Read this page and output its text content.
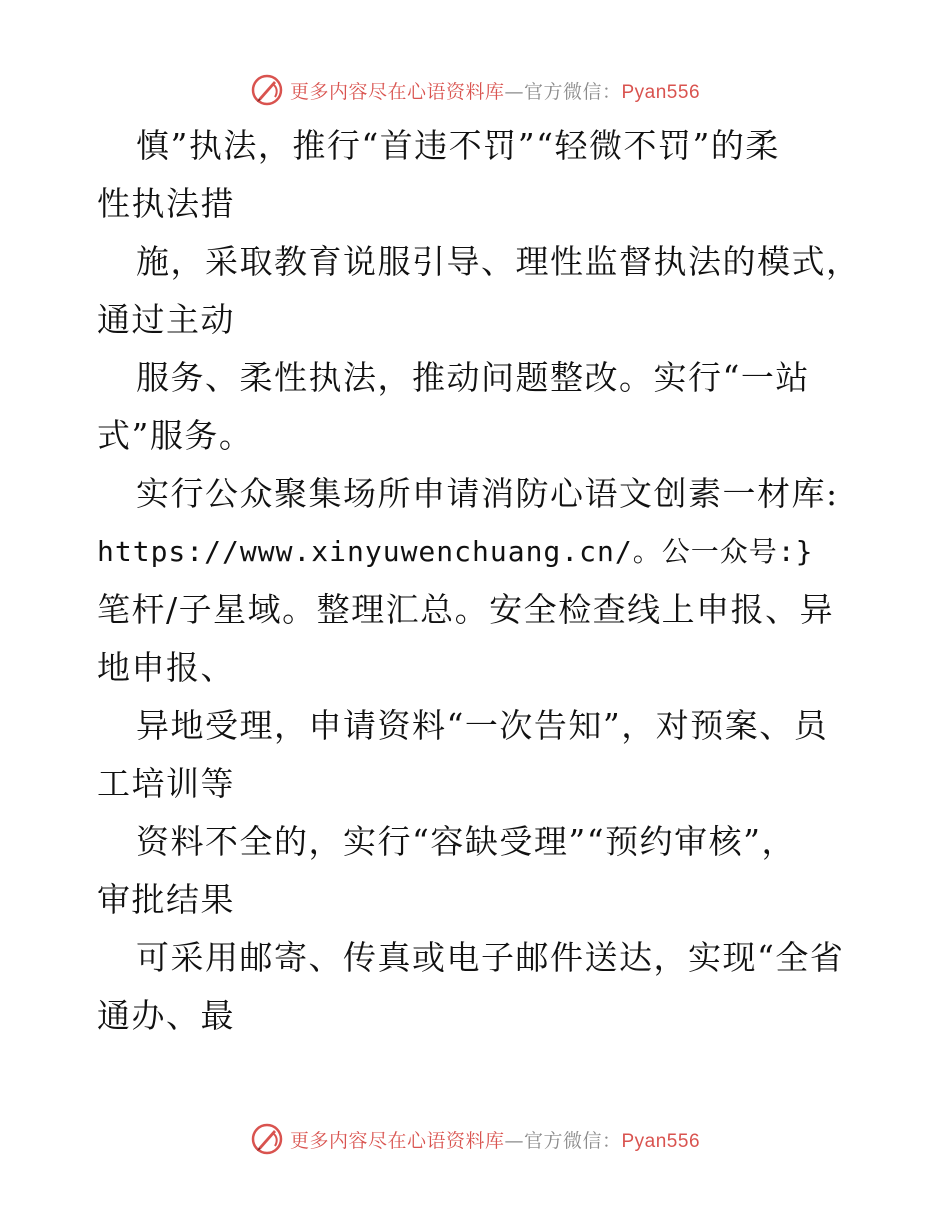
更多内容尽在心语资料库—官方微信：Pyan556
慎”执法，推行“首违不罚”“轻微不罚”的柔
性执法措
施，采取教育说服引导、理性监督执法的模式，
通过主动
服务、柔性执法，推动问题整改。实行“一站
式”服务。
实行公众聚集场所申请消防心语文创素一材库:
https://www.xinyuwenchuang.cn/。公一众号:}
笔杆/子星域。整理汇总。安全检查线上申报、异
地申报、
异地受理，申请资料“一次告知”，对预案、员
工培训等
资料不全的，实行“容缺受理”“预约审核”，
审批结果
可采用邮寄、传真或电子邮件送达，实现“全省
通办、最
更多内容尽在心语资料库—官方微信：Pyan556
